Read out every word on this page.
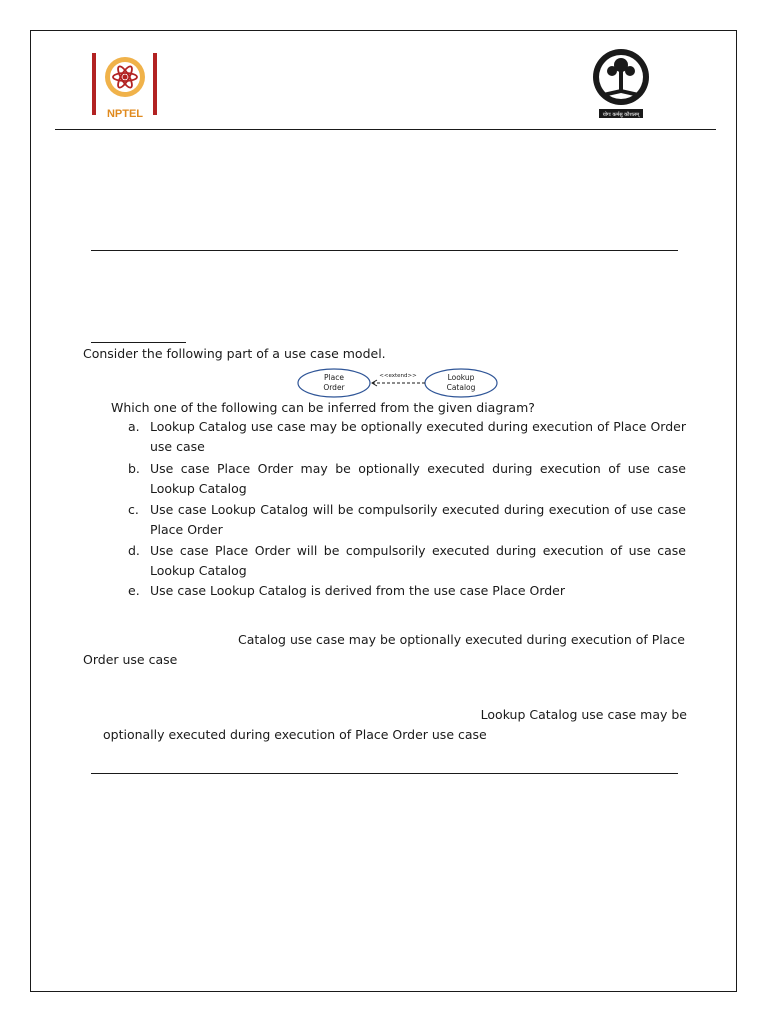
NPTEL	योगः कर्मसु कौशलम्
Consider the following part of a use case model.
<<extend>>
Place
Order
Lookup
Catalog
Which one of the following can be inferred from the given diagram?
a. Lookup Catalog use case may be optionally executed during execution of Place Order use case
b. Use case Place Order may be optionally executed during execution of use case Lookup Catalog
c. Use case Lookup Catalog will be compulsorily executed during execution of use case Place Order
d. Use case Place Order will be compulsorily executed during execution of use case Lookup Catalog
e. Use case Lookup Catalog is derived from the use case Place Order
Catalog use case may be optionally executed during execution of Place
Order use case
Lookup Catalog use case may be
optionally executed during execution of Place Order use case
